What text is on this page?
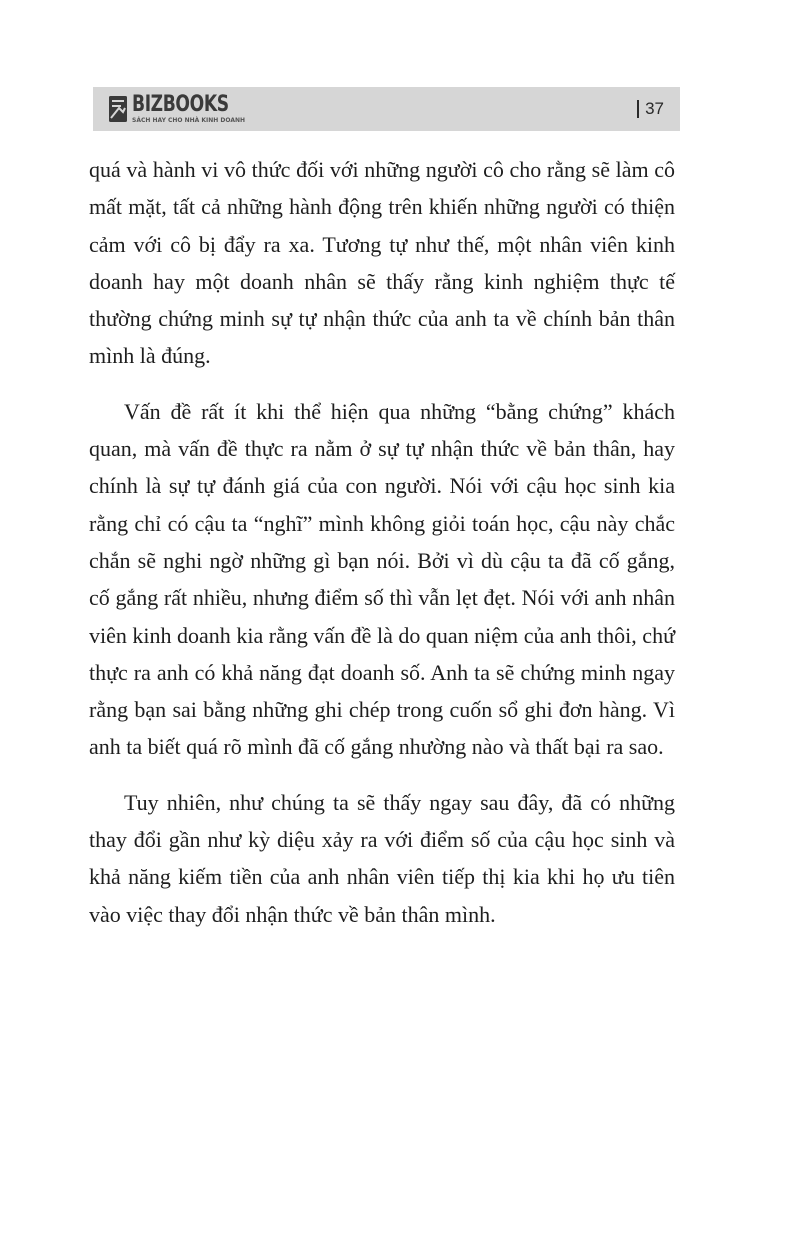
BIZBOOKS
SÁCH HAY CHO NHÀ KINH DOANH
37

quá và hành vi vô thức đối với những người cô cho rằng sẽ làm cô mất mặt, tất cả những hành động trên khiến những người có thiện cảm với cô bị đẩy ra xa. Tương tự như thế, một nhân viên kinh doanh hay một doanh nhân sẽ thấy rằng kinh nghiệm thực tế thường chứng minh sự tự nhận thức của anh ta về chính bản thân mình là đúng.

Vấn đề rất ít khi thể hiện qua những “bằng chứng” khách quan, mà vấn đề thực ra nằm ở sự tự nhận thức về bản thân, hay chính là sự tự đánh giá của con người. Nói với cậu học sinh kia rằng chỉ có cậu ta “nghĩ” mình không giỏi toán học, cậu này chắc chắn sẽ nghi ngờ những gì bạn nói. Bởi vì dù cậu ta đã cố gắng, cố gắng rất nhiều, nhưng điểm số thì vẫn lẹt đẹt. Nói với anh nhân viên kinh doanh kia rằng vấn đề là do quan niệm của anh thôi, chứ thực ra anh có khả năng đạt doanh số. Anh ta sẽ chứng minh ngay rằng bạn sai bằng những ghi chép trong cuốn sổ ghi đơn hàng. Vì anh ta biết quá rõ mình đã cố gắng nhường nào và thất bại ra sao.

Tuy nhiên, như chúng ta sẽ thấy ngay sau đây, đã có những thay đổi gần như kỳ diệu xảy ra với điểm số của cậu học sinh và khả năng kiếm tiền của anh nhân viên tiếp thị kia khi họ ưu tiên vào việc thay đổi nhận thức về bản thân mình.
